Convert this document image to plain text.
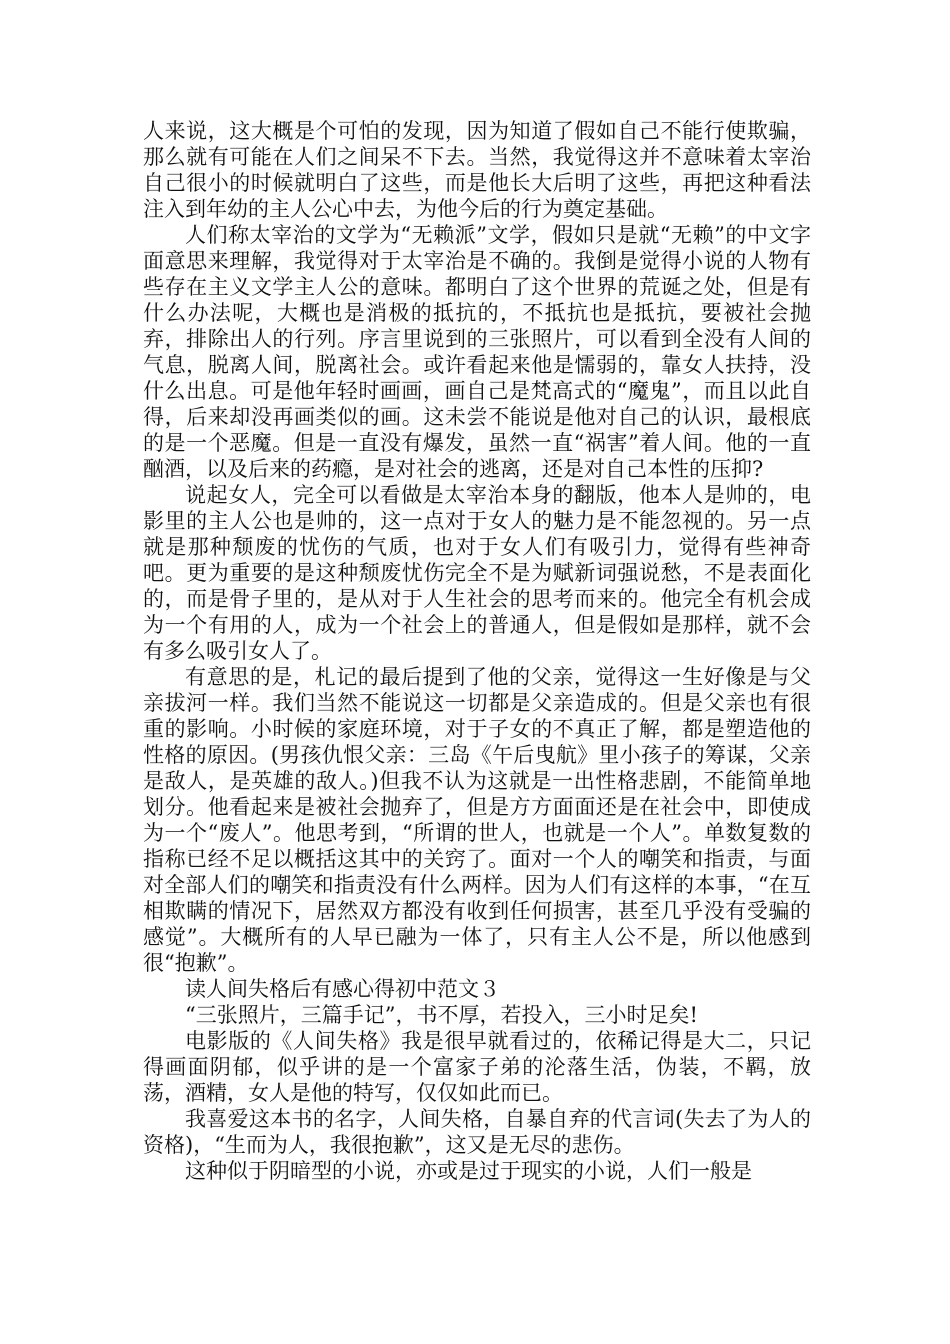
人来说，这大概是个可怕的发现，因为知道了假如自己不能行使欺骗，那么就有可能在人们之间呆不下去。当然，我觉得这并不意味着太宰治自己很小的时候就明白了这些，而是他长大后明了这些，再把这种看法注入到年幼的主人公心中去，为他今后的行为奠定基础。

人们称太宰治的文学为“无赖派”文学，假如只是就“无赖”的中文字面意思来理解，我觉得对于太宰治是不确的。我倒是觉得小说的人物有些存在主义文学主人公的意味。都明白了这个世界的荒诞之处，但是有什么办法呢，大概也是消极的抵抗的，不抵抗也是抵抗，要被社会抛弃，排除出人的行列。序言里说到的三张照片，可以看到全没有人间的气息，脱离人间，脱离社会。或许看起来他是懦弱的，靠女人扶持，没什么出息。可是他年轻时画画，画自己是梵高式的“魔鬼”，而且以此自得，后来却没再画类似的画。这未尝不能说是他对自己的认识，最根底的是一个恶魔。但是一直没有爆发，虽然一直“祸害”着人间。他的一直酗酒，以及后来的药瘾，是对社会的逃离，还是对自己本性的压抑?

说起女人，完全可以看做是太宰治本身的翻版，他本人是帅的，电影里的主人公也是帅的，这一点对于女人的魅力是不能忽视的。另一点就是那种颓废的忧伤的气质，也对于女人们有吸引力，觉得有些神奇吧。更为重要的是这种颓废忧伤完全不是为赋新词强说愁，不是表面化的，而是骨子里的，是从对于人生社会的思考而来的。他完全有机会成为一个有用的人，成为一个社会上的普通人，但是假如是那样，就不会有多么吸引女人了。

有意思的是，札记的最后提到了他的父亲，觉得这一生好像是与父亲拔河一样。我们当然不能说这一切都是父亲造成的。但是父亲也有很重的影响。小时候的家庭环境，对于子女的不真正了解，都是塑造他的性格的原因。(男孩仇恨父亲：三岛《午后曳航》里小孩子的筹谋，父亲是敌人，是英雄的敌人。)但我不认为这就是一出性格悲剧，不能简单地划分。他看起来是被社会抛弃了，但是方方面面还是在社会中，即使成为一个“废人”。他思考到，“所谓的世人，也就是一个人”。单数复数的指称已经不足以概括这其中的关窍了。面对一个人的嘲笑和指责，与面对全部人们的嘲笑和指责没有什么两样。因为人们有这样的本事，“在互相欺瞒的情况下，居然双方都没有收到任何损害，甚至几乎没有受骗的感觉”。大概所有的人早已融为一体了，只有主人公不是，所以他感到很“抱歉”。

读人间失格后有感心得初中范文３

“三张照片，三篇手记”，书不厚，若投入，三小时足矣!

电影版的《人间失格》我是很早就看过的，依稀记得是大二，只记得画面阴郁，似乎讲的是一个富家子弟的沦落生活，伪装，不羁，放荡，酒精，女人是他的特写，仅仅如此而已。

我喜爱这本书的名字，人间失格，自暴自弃的代言词(失去了为人的资格)，“生而为人，我很抱歉”，这又是无尽的悲伤。

这种似于阴暗型的小说，亦或是过于现实的小说，人们一般是
